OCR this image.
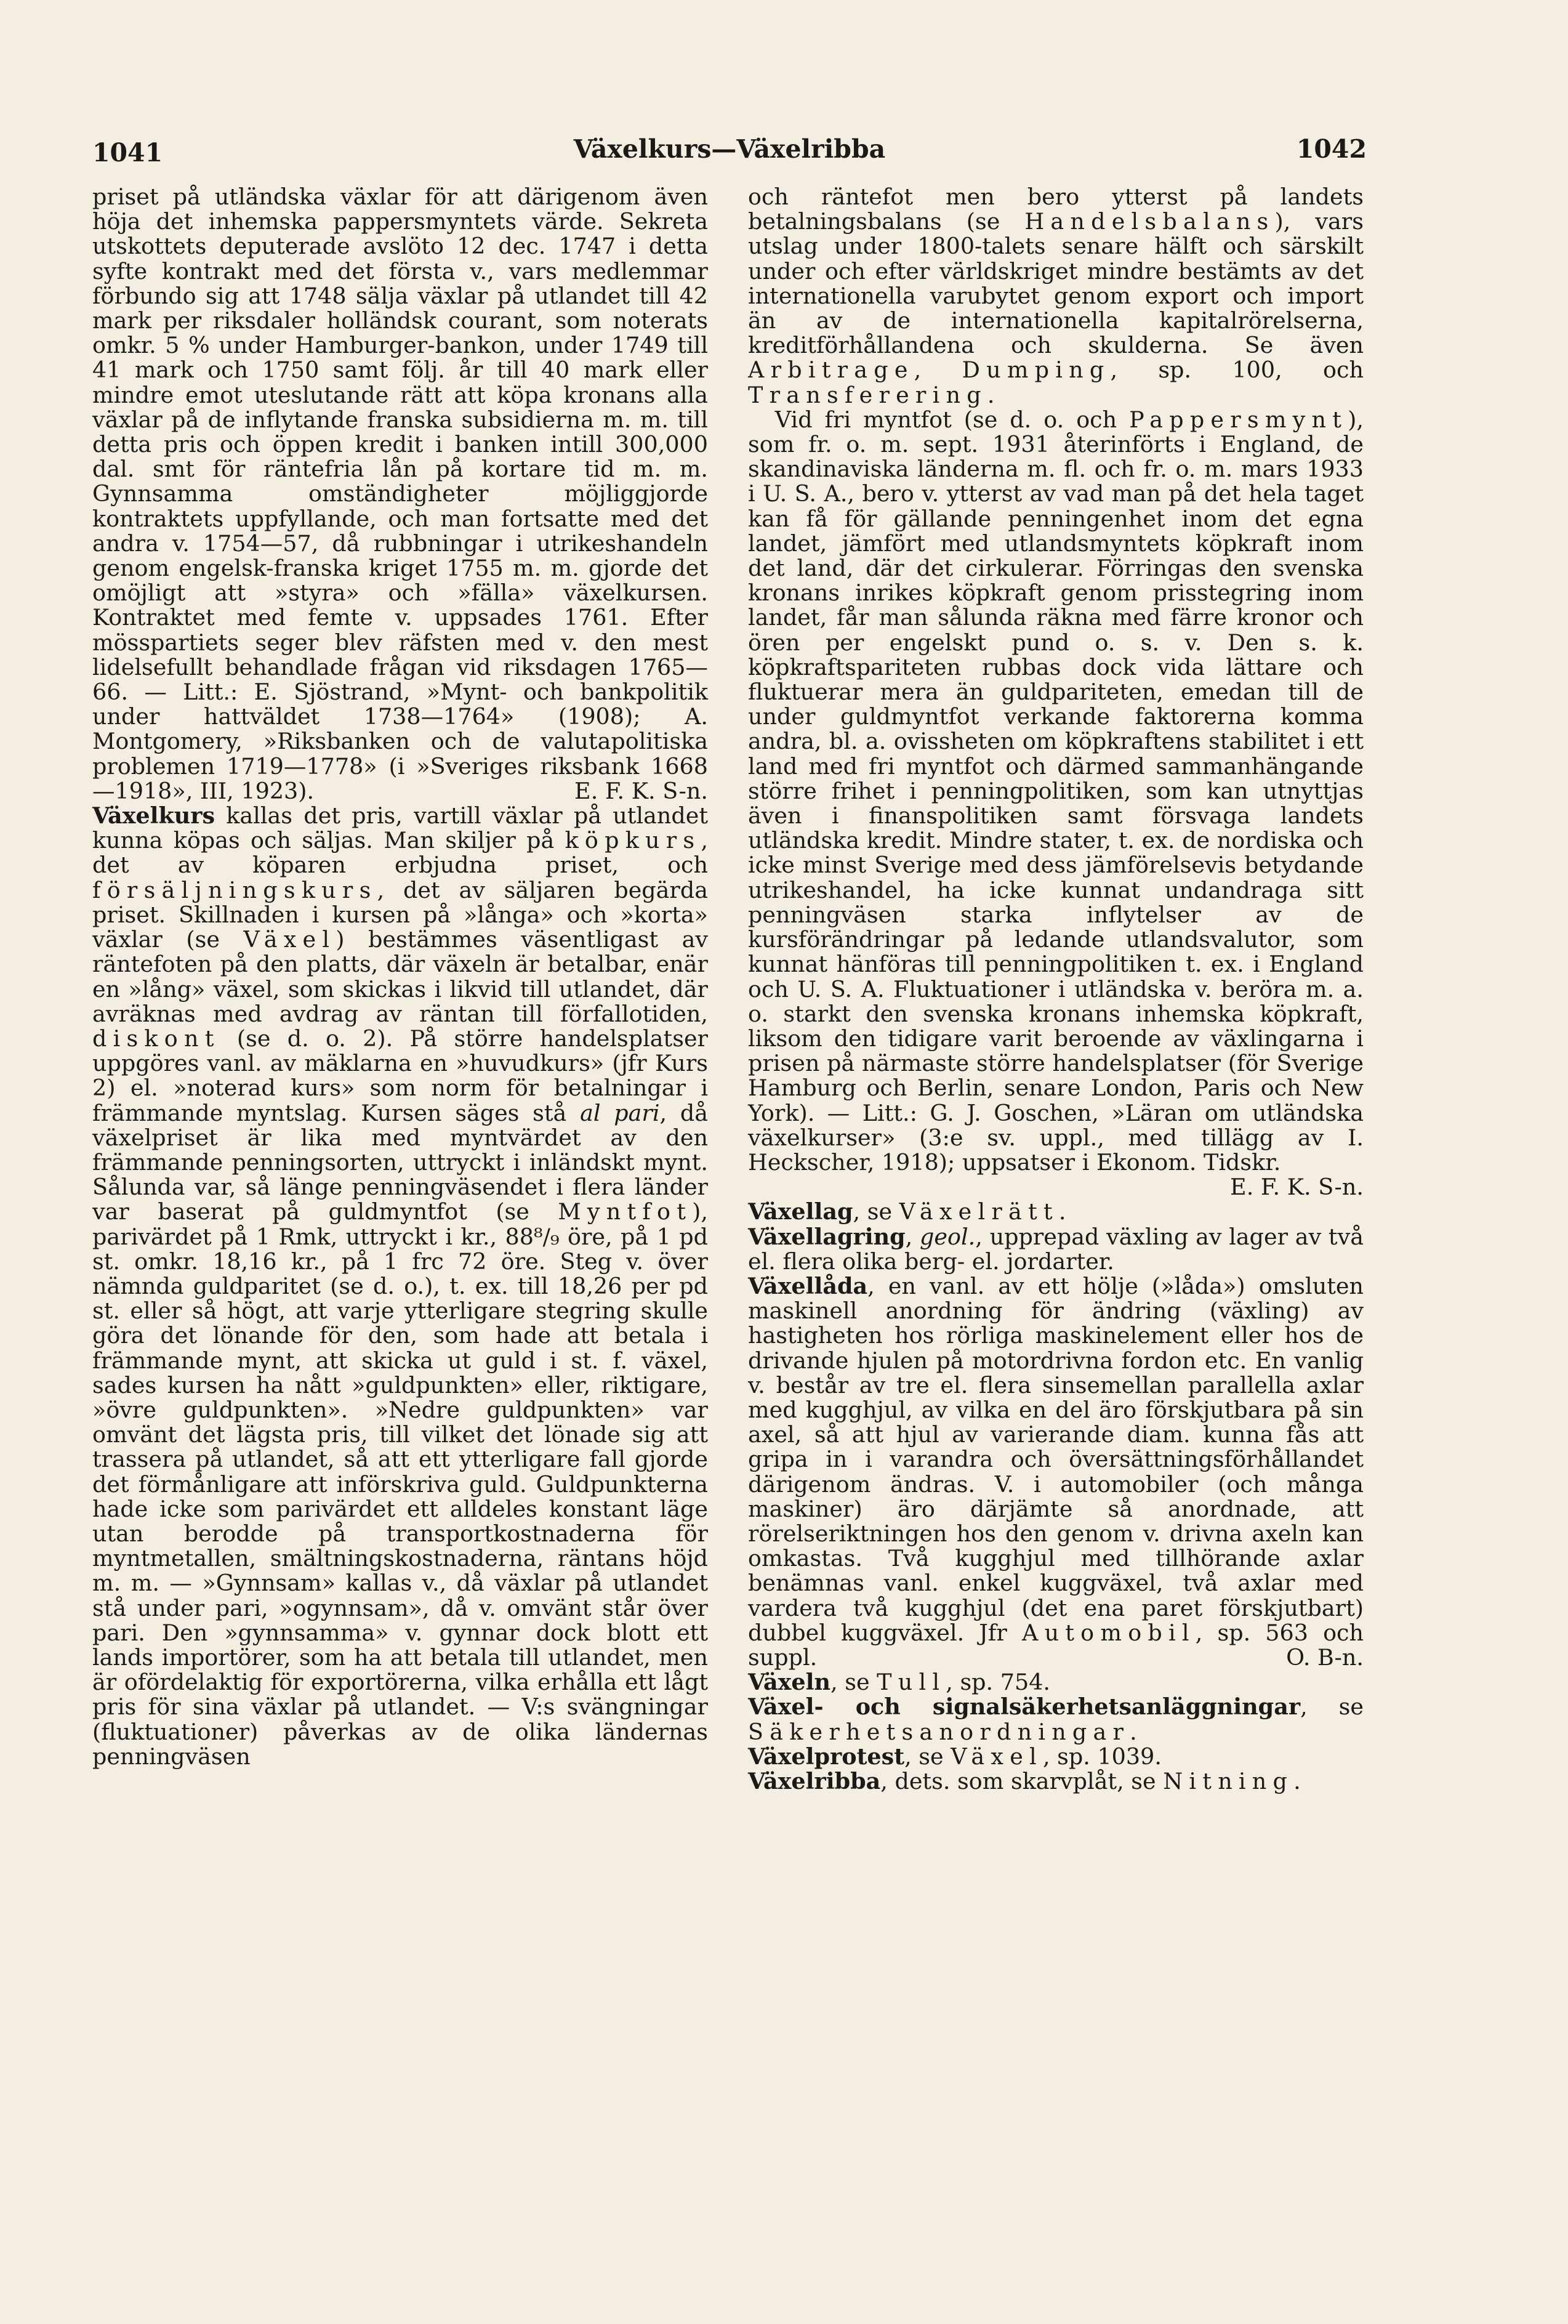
1041	Växelkurs—Växelribba	1042

priset på utländska växlar för att därigenom även höja det inhemska pappersmyntets värde. Sekreta utskottets deputerade avslöto 12 dec. 1747 i detta syfte kontrakt med det första v., vars medlemmar förbundo sig att 1748 sälja växlar på utlandet till 42 mark per riksdaler holländsk courant, som noterats omkr. 5 % under Hamburger-bankon, under 1749 till 41 mark och 1750 samt följ. år till 40 mark eller mindre emot uteslutande rätt att köpa kronans alla växlar på de inflytande franska subsidierna m. m. till detta pris och öppen kredit i banken intill 300,000 dal. smt för räntefria lån på kortare tid m. m. Gynnsamma omständigheter möjliggjorde kontraktets uppfyllande, och man fortsatte med det andra v. 1754—57, då rubbningar i utrikeshandeln genom engelsk-franska kriget 1755 m. m. gjorde det omöjligt att »styra» och »fälla» växelkursen. Kontraktet med femte v. uppsades 1761. Efter mösspartiets seger blev räfsten med v. den mest lidelsefullt behandlade frågan vid riksdagen 1765—66. — Litt.: E. Sjöstrand, »Mynt- och bankpolitik under hattväldet 1738—1764» (1908); A. Montgomery, »Riksbanken och de valutapolitiska problemen 1719—1778» (i »Sveriges riksbank 1668—1918», III, 1923).	E. F. K. S-n.

Växelkurs kallas det pris, vartill växlar på utlandet kunna köpas och säljas. Man skiljer på köpkurs, det av köparen erbjudna priset, och försäljningskurs, det av säljaren begärda priset. Skillnaden i kursen på »långa» och »korta» växlar (se Växel) bestämmes väsentligast av räntefoten på den platts, där växeln är betalbar, enär en »lång» växel, som skickas i likvid till utlandet, där avräknas med avdrag av räntan till förfallotiden, diskont (se d. o. 2). På större handelsplatser uppgöres vanl. av mäklarna en »huvudkurs» (jfr Kurs 2) el. »noterad kurs» som norm för betalningar i främmande myntslag. Kursen säges stå al pari, då växelpriset är lika med myntvärdet av den främmande penningsorten, uttryckt i inländskt mynt. Sålunda var, så länge penningväsendet i flera länder var baserat på guldmyntfot (se Myntfot), parivärdet på 1 Rmk, uttryckt i kr., 88⁸/₉ öre, på 1 pd st. omkr. 18,16 kr., på 1 frc 72 öre. Steg v. över nämnda guldparitet (se d. o.), t. ex. till 18,26 per pd st. eller så högt, att varje ytterligare stegring skulle göra det lönande för den, som hade att betala i främmande mynt, att skicka ut guld i st. f. växel, sades kursen ha nått »guldpunkten» eller, riktigare, »övre guldpunkten». »Nedre guldpunkten» var omvänt det lägsta pris, till vilket det lönade sig att trassera på utlandet, så att ett ytterligare fall gjorde det förmånligare att införskriva guld. Guldpunkterna hade icke som parivärdet ett alldeles konstant läge utan berodde på transportkostnaderna för myntmetallen, smältningskostnaderna, räntans höjd m. m. — »Gynnsam» kallas v., då växlar på utlandet stå under pari, »ogynnsam», då v. omvänt står över pari. Den »gynnsamma» v. gynnar dock blott ett lands importörer, som ha att betala till utlandet, men är ofördelaktig för exportörerna, vilka erhålla ett lågt pris för sina växlar på utlandet. — V:s svängningar (fluktuationer) påverkas av de olika ländernas penningväsen

och räntefot men bero ytterst på landets betalningsbalans (se Handelsbalans), vars utslag under 1800-talets senare hälft och särskilt under och efter världskriget mindre bestämts av det internationella varubytet genom export och import än av de internationella kapitalrörelserna, kreditförhållandena och skulderna. Se även Arbitrage, Dumping, sp. 100, och Transferering.

Vid fri myntfot (se d. o. och Pappersmynt), som fr. o. m. sept. 1931 återinförts i England, de skandinaviska länderna m. fl. och fr. o. m. mars 1933 i U. S. A., bero v. ytterst av vad man på det hela taget kan få för gällande penningenhet inom det egna landet, jämfört med utlandsmyntets köpkraft inom det land, där det cirkulerar. Förringas den svenska kronans inrikes köpkraft genom prisstegring inom landet, får man sålunda räkna med färre kronor och ören per engelskt pund o. s. v. Den s. k. köpkraftspariteten rubbas dock vida lättare och fluktuerar mera än guldpariteten, emedan till de under guldmyntfot verkande faktorerna komma andra, bl. a. ovissheten om köpkraftens stabilitet i ett land med fri myntfot och därmed sammanhängande större frihet i penningpolitiken, som kan utnyttjas även i finanspolitiken samt försvaga landets utländska kredit. Mindre stater, t. ex. de nordiska och icke minst Sverige med dess jämförelsevis betydande utrikeshandel, ha icke kunnat undandraga sitt penningväsen starka inflytelser av de kursförändringar på ledande utlandsvalutor, som kunnat hänföras till penningpolitiken t. ex. i England och U. S. A. Fluktuationer i utländska v. beröra m. a. o. starkt den svenska kronans inhemska köpkraft, liksom den tidigare varit beroende av växlingarna i prisen på närmaste större handelsplatser (för Sverige Hamburg och Berlin, senare London, Paris och New York). — Litt.: G. J. Goschen, »Läran om utländska växelkurser» (3:e sv. uppl., med tillägg av I. Heckscher, 1918); uppsatser i Ekonom. Tidskr.
E. F. K. S-n.

Växellag, se Växelrätt.

Växellagring, geol., upprepad växling av lager av två el. flera olika berg- el. jordarter.

Växellåda, en vanl. av ett hölje (»låda») omsluten maskinell anordning för ändring (växling) av hastigheten hos rörliga maskinelement eller hos de drivande hjulen på motordrivna fordon etc. En vanlig v. består av tre el. flera sinsemellan parallella axlar med kugghjul, av vilka en del äro förskjutbara på sin axel, så att hjul av varierande diam. kunna fås att gripa in i varandra och översättningsförhållandet därigenom ändras. V. i automobiler (och många maskiner) äro därjämte så anordnade, att rörelseriktningen hos den genom v. drivna axeln kan omkastas. Två kugghjul med tillhörande axlar benämnas vanl. enkel kuggväxel, två axlar med vardera två kugghjul (det ena paret förskjutbart) dubbel kuggväxel. Jfr Automobil, sp. 563 och suppl.	O. B-n.

Växeln, se Tull, sp. 754.

Växel- och signalsäkerhetsanläggningar, se Säkerhetsanordningar.

Växelprotest, se Växel, sp. 1039.

Växelribba, dets. som skarvplåt, se Nitning.
